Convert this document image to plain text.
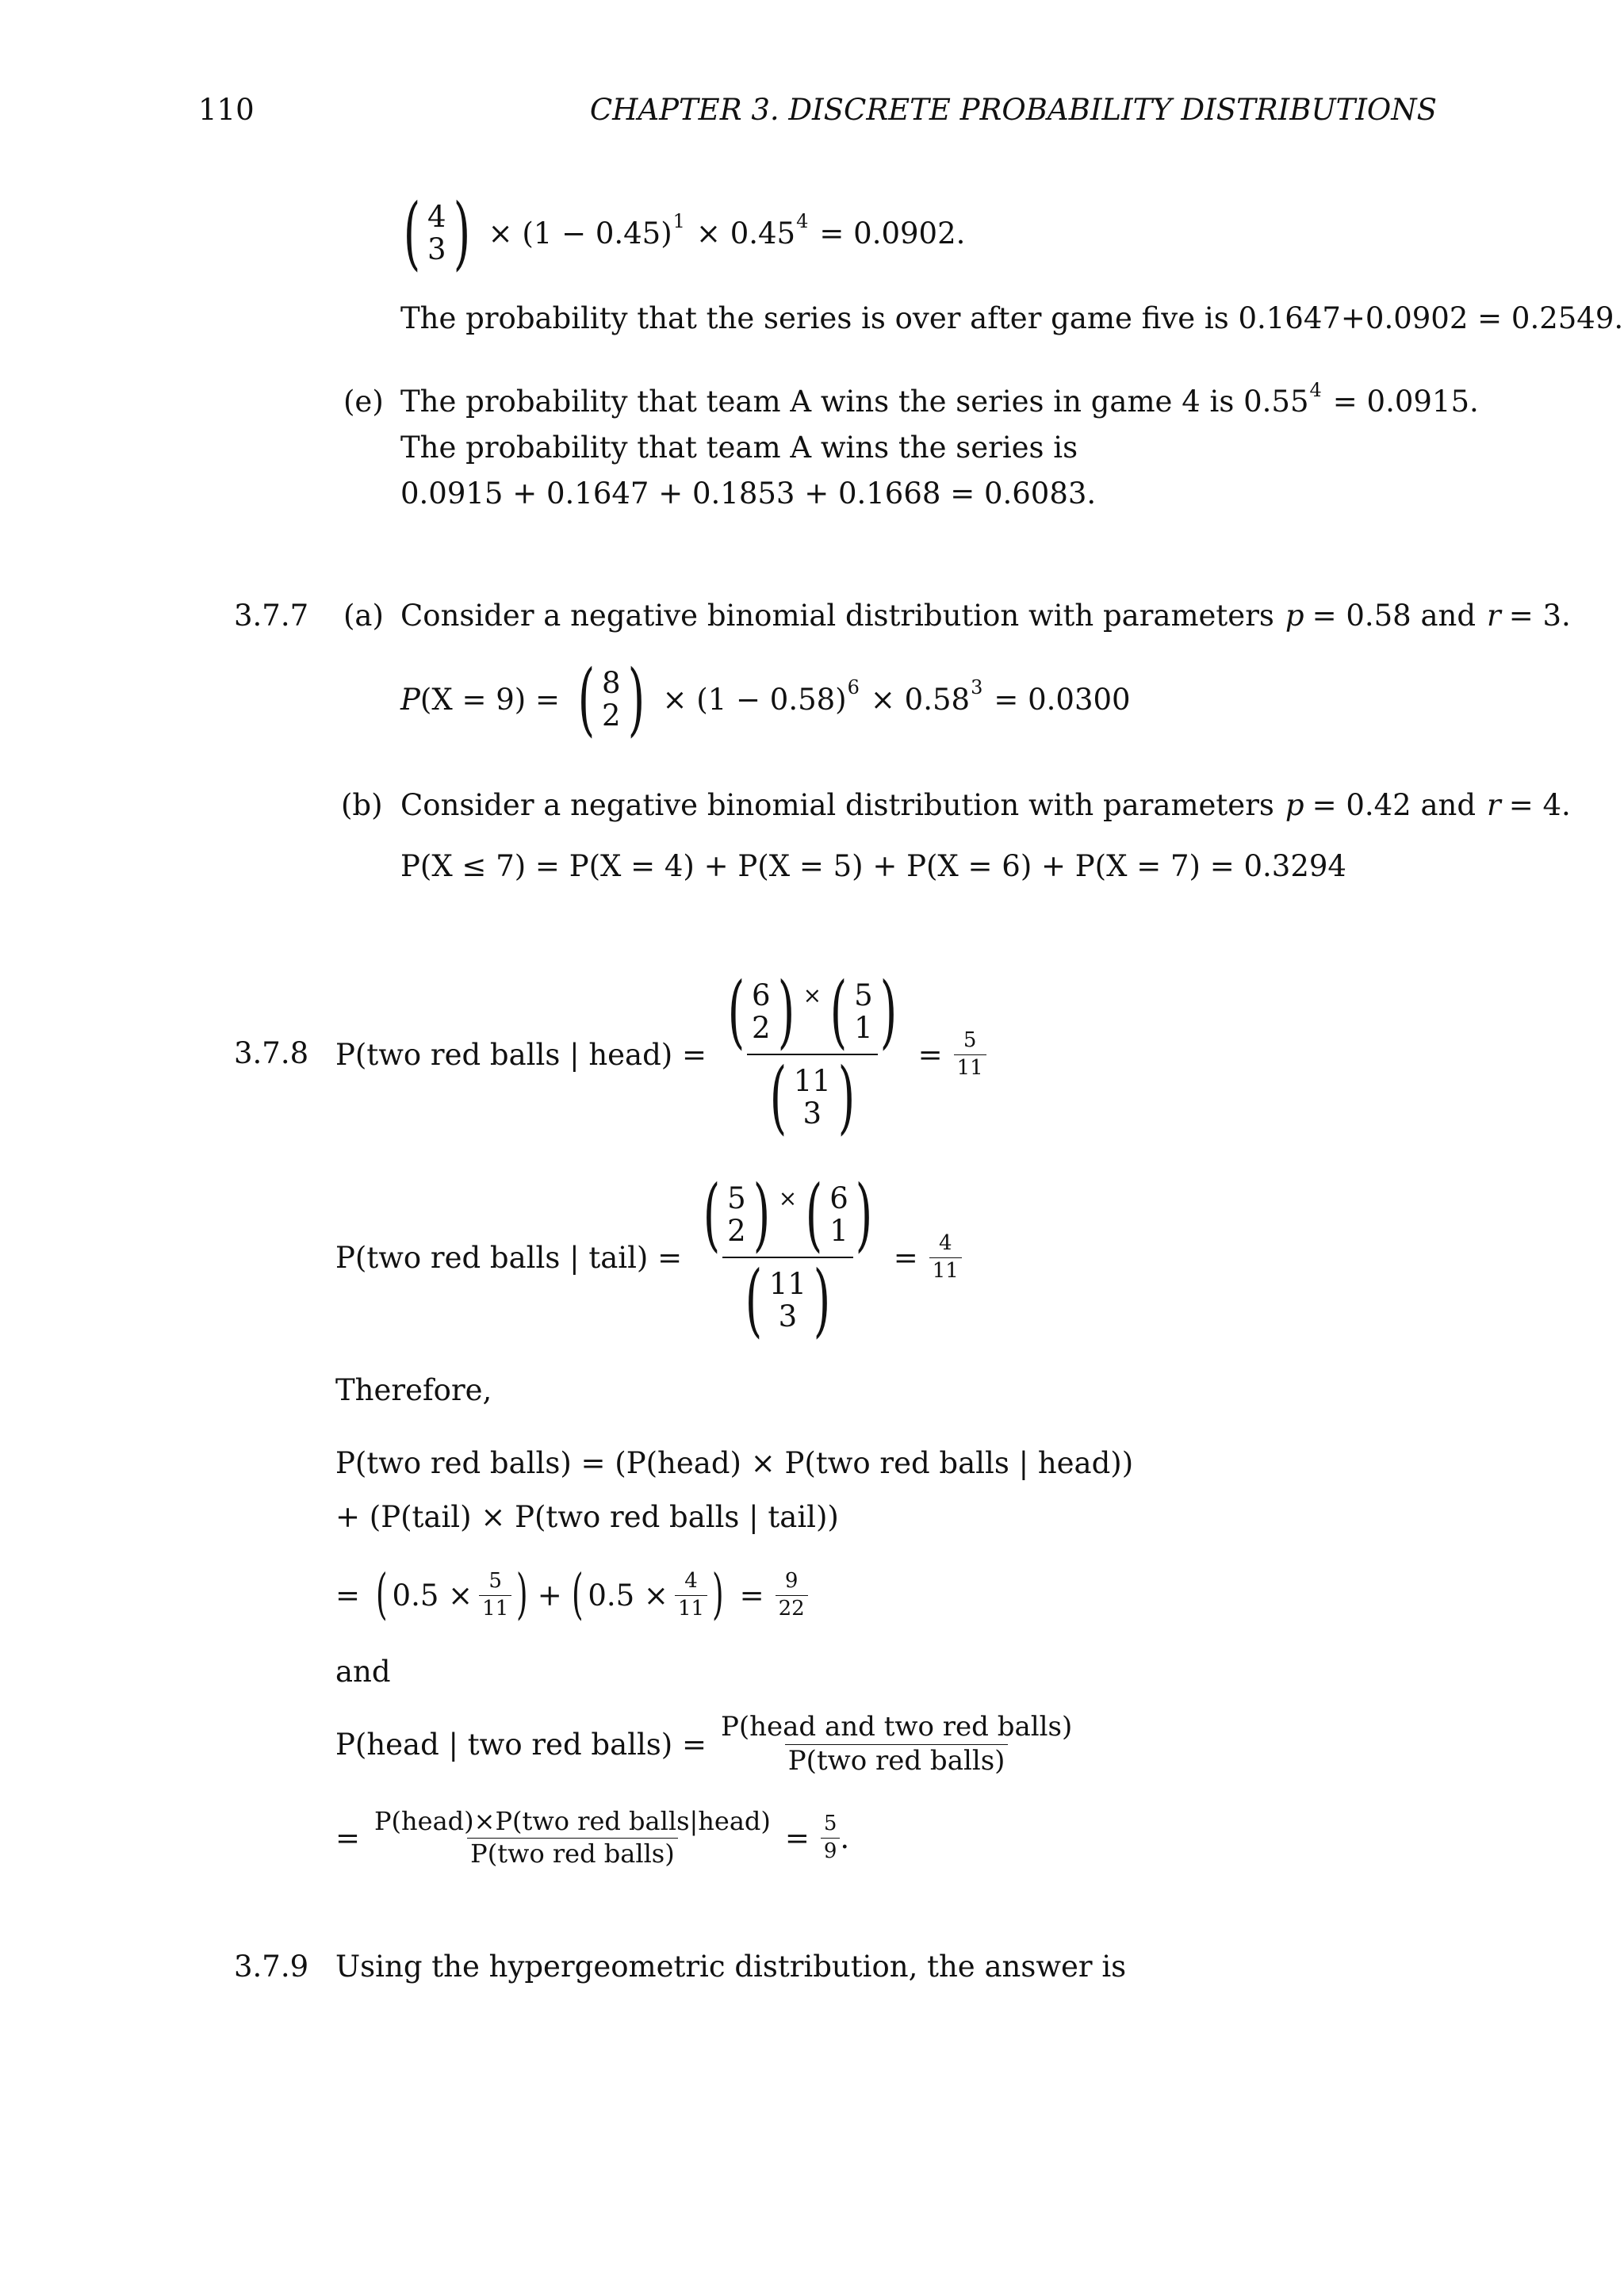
110	CHAPTER 3. DISCRETE PROBABILITY DISTRIBUTIONS
( 4
3 ) × (1 − 0.45) 1 × 0.45 4 = 0.0902.
The probability that the series is over after game five is 0.1647+0.0902 = 0.2549.
(e) The probability that team A wins the series in game 4 is 0.55 4 = 0.0915.
The probability that team A wins the series is
0.0915 + 0.1647 + 0.1853 + 0.1668 = 0.6083.
3.7.7 (a) Consider a negative binomial distribution with parameters p = 0.58 and r = 3.
P (X = 9) = ( 8
2 ) × (1 − 0.58) 6 × 0.58 3 = 0.0300
(b) Consider a negative binomial distribution with parameters p = 0.42 and r = 4.
P(X ≤ 7) = P(X = 4) + P(X = 5) + P(X = 6) + P(X = 7) = 0.3294
3.7.8 P(two red balls | head) = ( 6
2 ) × ( 5
1 )
( 11
3 ) = $\frac{5}{11}$
P(two red balls | tail) = ( 5
2 ) × ( 6
1 )
( 11
3 ) = $\frac{4}{11}$
Therefore,
P(two red balls) = (P(head) × P(two red balls | head))
+ (P(tail) × P(two red balls | tail))
= ( $0.5 \times \frac{5}{11}$ ) + ( $0.5 \times \frac{4}{11}$ ) = $\frac{9}{22}$
and
P(head | two red balls) = $\frac{\text{P(head and two red balls)}}{\text{P(two red balls)}}$
= $\frac{\text{P(head)×P(two red balls|head)}}{\text{P(two red balls)}} = \frac{5}{9}$ .
3.7.9 Using the hypergeometric distribution, the answer is
